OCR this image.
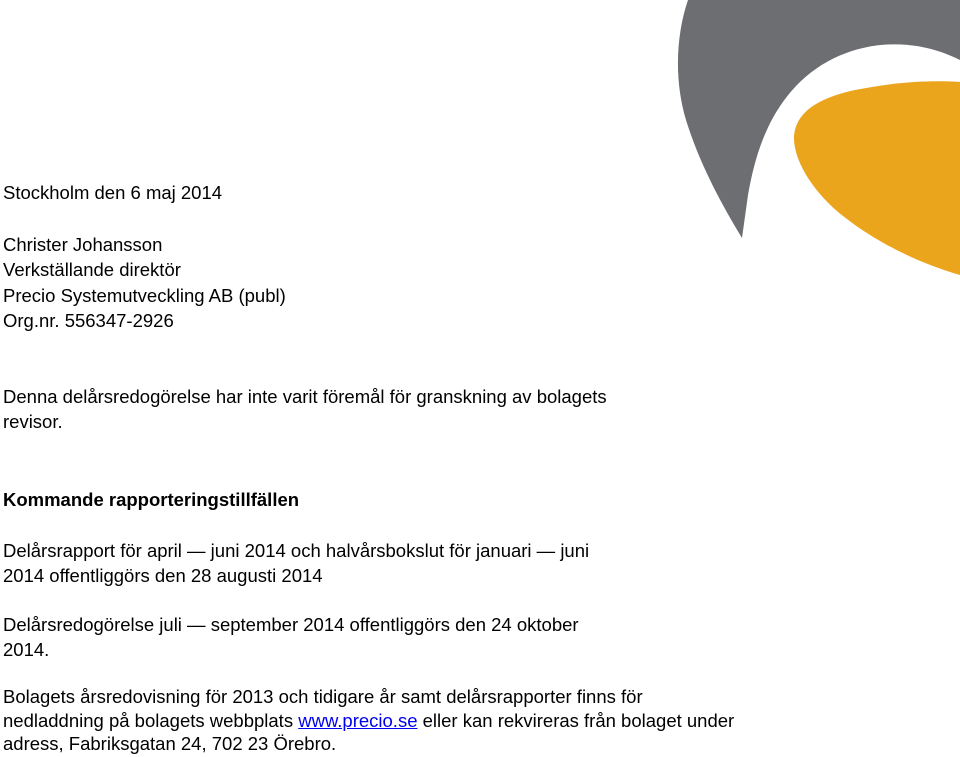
Stockholm den 6 maj 2014

Christer Johansson

Verkställande direktör

Precio Systemutveckling AB (publ)

Org.nr. 556347-2926

Denna delårsredogörelse har inte varit föremål för granskning av bolagets

revisor.

Kommande rapporteringstillfällen

Delårsrapport för april — juni 2014 och halvårsbokslut för januari — juni

2014 offentliggörs den 28 augusti 2014

Delårsredogörelse juli — september 2014 offentliggörs den 24 oktober

2014.

Bolagets årsredovisning för 2013 och tidigare år samt delårsrapporter finns för

nedladdning på bolagets webbplats www.precio.se eller kan rekvireras från bolaget under

adress, Fabriksgatan 24, 702 23 Örebro.
